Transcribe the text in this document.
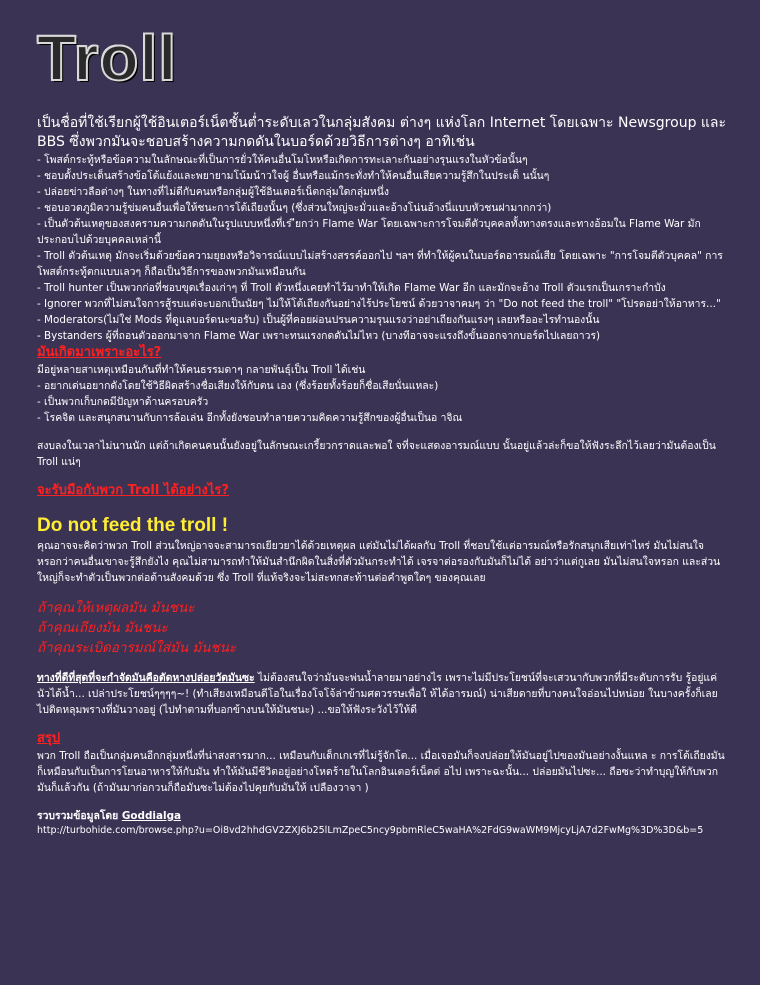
Troll

เป็นชื่อที่ใช้เรียกผู้ใช้อินเตอร์เน็ตชั้นต่ำระดับเลวในกลุ่มสังคม ต่างๆ แห่งโลก Internet โดยเฉพาะ Newsgroup และ BBS ซึ่งพวกมันจะชอบสร้างความกดดันในบอร์ดด้วยวิธีการต่างๆ อาทิเช่น

- โพสต์กระทู้หรือข้อความในลักษณะที่เป็นการยั่วให้คนอื่นโมโหหรือเกิดการทะเลาะกันอย่างรุนแรงในหัวข้อนั้นๆ
- ชอบตั้งประเด็นสร้างข้อโต้แย้งและพยายามโน้มน้าวใจผู้ อื่นหรือแม้กระทั่งทำให้คนอื่นเสียความรู้สึกในประเด็ นนั้นๆ
- ปล่อยข่าวลือต่างๆ ในทางที่ไม่ดีกับคนหรือกลุ่มผู้ใช้อินเตอร์เน็ตกลุ่มใดกลุ่มหนึ่ง
- ชอบอวดภูมิความรู้ข่มคนอื่นเพื่อให้ชนะการโต้เถียงนั้นๆ (ซึ่งส่วนใหญ่จะมั่วและอ้างโน่นอ้างนี่แบบหัวชนฝามากกว่า)
- เป็นตัวต้นเหตุของสงครามความกดดันในรูปแบบหนึ่งที่เร ียกว่า Flame War โดยเฉพาะการโจมตีตัวบุคคลทั้งทางตรงและทางอ้อมใน Flame War มักประกอบไปด้วยบุคคลเหล่านี้
- Troll ตัวต้นเหตุ มักจะเริ่มด้วยข้อความยุยงหรือวิจารณ์แบบไม่สร้างสรรค์ออกไป ฯลฯ ที่ทำให้ผู้คนในบอร์ดอารมณ์เสีย โดยเฉพาะ "การโจมตีตัวบุคคล" การโพสต์กระทู้ตกแบบเลวๆ ก็ถือเป็นวิธีการของพวกมันเหมือนกัน
- Troll hunter เป็นพวกก่อที่ชอบขุดเรื่องเก่าๆ ที่ Troll ตัวหนึ่งเคยทำไว้มาทำให้เกิด Flame War อีก และมักจะอ้าง Troll ตัวแรกเป็นเกราะกำบัง
- Ignorer พวกที่ไม่สนใจการสู้รบแต่จะบอกเป็นนัยๆ ไม่ให้โต้เถียงกันอย่างไร้ประโยชน์ ด้วยวาจาคมๆ ว่า "Do not feed the troll" "โปรดอย่าให้อาหาร..."
- Moderators(ไม่ใช่ Mods ที่ดูแลบอร์ดนะขอรับ) เป็นผู้ที่คอยผ่อนปรนความรุนแรงว่าอย่าเถียงกันแรงๆ เลยหรืออะไรทำนองนั้น
- Bystanders ผู้ที่ถอนตัวออกมาจาก Flame War เพราะทนแรงกดดันไม่ไหว (บางทีอาจจะแรงถึงขั้นออกจากบอร์ดไปเลยถาวร)
มันเกิดมาเพราะอะไร?

มีอยู่หลายสาเหตุเหมือนกันที่ทำให้คนธรรมดาๆ กลายพันธุ์เป็น Troll ได้เช่น

- อยากเด่นอยากดังโดยใช้วิธีผิดสร้างชื่อเสียงให้กับตน เอง (ซึ่งร้อยทั้งร้อยก็ชื่อเสียนั่นแหละ)
- เป็นพวกเก็บกดมีปัญหาด้านครอบครัว
- โรคจิต และสนุกสนานกับการล้อเล่น อีกทั้งยังชอบทำลายความคิดความรู้สึกของผู้อื่นเป็นอ าจิณ

สงบลงในเวลาไม่นานนัก แต่ถ้าเกิดคนคนนั้นยังอยู่ในลักษณะเกรี้ยวกราดและพอใ จที่จะแสดงอารมณ์แบบ นั้นอยู่แล้วล่ะก็ขอให้ฟังระลึกไว้เลยว่ามันต้องเป็น Troll แน่ๆ

จะรับมือกับพวก Troll ได้อย่างไร?
Do not feed the troll !

คุณอาจจะคิดว่าพวก Troll ส่วนใหญ่อาจจะสามารถเยียวยาได้ด้วยเหตุผล แต่มันไม่ได้ผลกับ Troll ที่ชอบใช้แต่อารมณ์หรือรักสนุกเสียเท่าไหร่ มันไม่สนใจหรอกว่าคนอื่นเขาจะรู้สึกยังไง คุณไม่สามารถทำให้มันสำนึกผิดในสิ่งที่ตัวมันกระทำได้ เจรจาต่อรองกับมันก็ไม่ได้ อย่าว่าแต่กูเลย มันไม่สนใจหรอก และส่วนใหญ่ก็จะทำตัวเป็นพวกต่อต้านสังคมด้วย ซึ่ง Troll ที่แท้จริงจะไม่สะทกสะท้านต่อคำพูดใดๆ ของคุณเลย

ถ้าคุณให้เหตุผลมัน มันชนะ

ถ้าคุณเถียงมัน มันชนะ

ถ้าคุณระเบิดอารมณ์ใส่มัน มันชนะ

ทางที่ดีที่สุดที่จะกำจัดมันคือตัดหางปล่อยวัดมันซะ ไม่ต้องสนใจว่ามันจะพ่นน้ำลายมาอย่างไร เพราะไม่มีประโยชน์ที่จะเสวนากับพวกที่มีระดับการรับ รู้อยู่แค่นัวได้น้ำ... เปล่าประโยชน์ๆๆๆๆ~! (ทำเสียงเหมือนดีโอในเรื่องโจโจ้ล่าข้ามศตวรรษเพื่อใ ห้ได้อารมณ์) น่าเสียดายที่บางคนใจอ่อนไปหน่อย ในบางครั้งก็เลยไปติดหลุมพรางที่มันวางอยู่ (ไปทำตามที่บอกข้างบนให้มันชนะ) ...ขอให้ฟังระวังไว้ให้ดี

สรุป

พวก Troll ถือเป็นกลุ่มคนอีกกลุ่มหนึ่งที่น่าสงสารมาก... เหมือนกับเด็กเกเรที่ไม่รู้จักโต... เมื่อเจอมันก็จงปล่อยให้มันอยู่ไปของมันอย่างงั้นแหล ะ การโต้เถียงมันก็เหมือนกับเป็นการโยนอาหารให้กับมัน ทำให้มันมีชีวิตอยู่อย่างโหดร้ายในโลกอินเตอร์เน็ตต่ อไป เพราะฉะนั้น... ปล่อยมันไปซะ... ถือซะว่าทำบุญให้กับพวกมันก็แล้วกัน (ถ้ามันมาก่อกวนก็ถือมันซะไม่ต้องไปคุยกับมันให้ เปลืองวาจา )

รวบรวมข้อมูลโดย Goddialga

http://turbohide.com/browse.php?u=Oi8vd2hhdGV2ZXJ6b25lLmZpeC5ncy9pbmRleC5waHA%2FdG9waWM9MjcyLjA7d2FwMg%3D%3D&b=5
